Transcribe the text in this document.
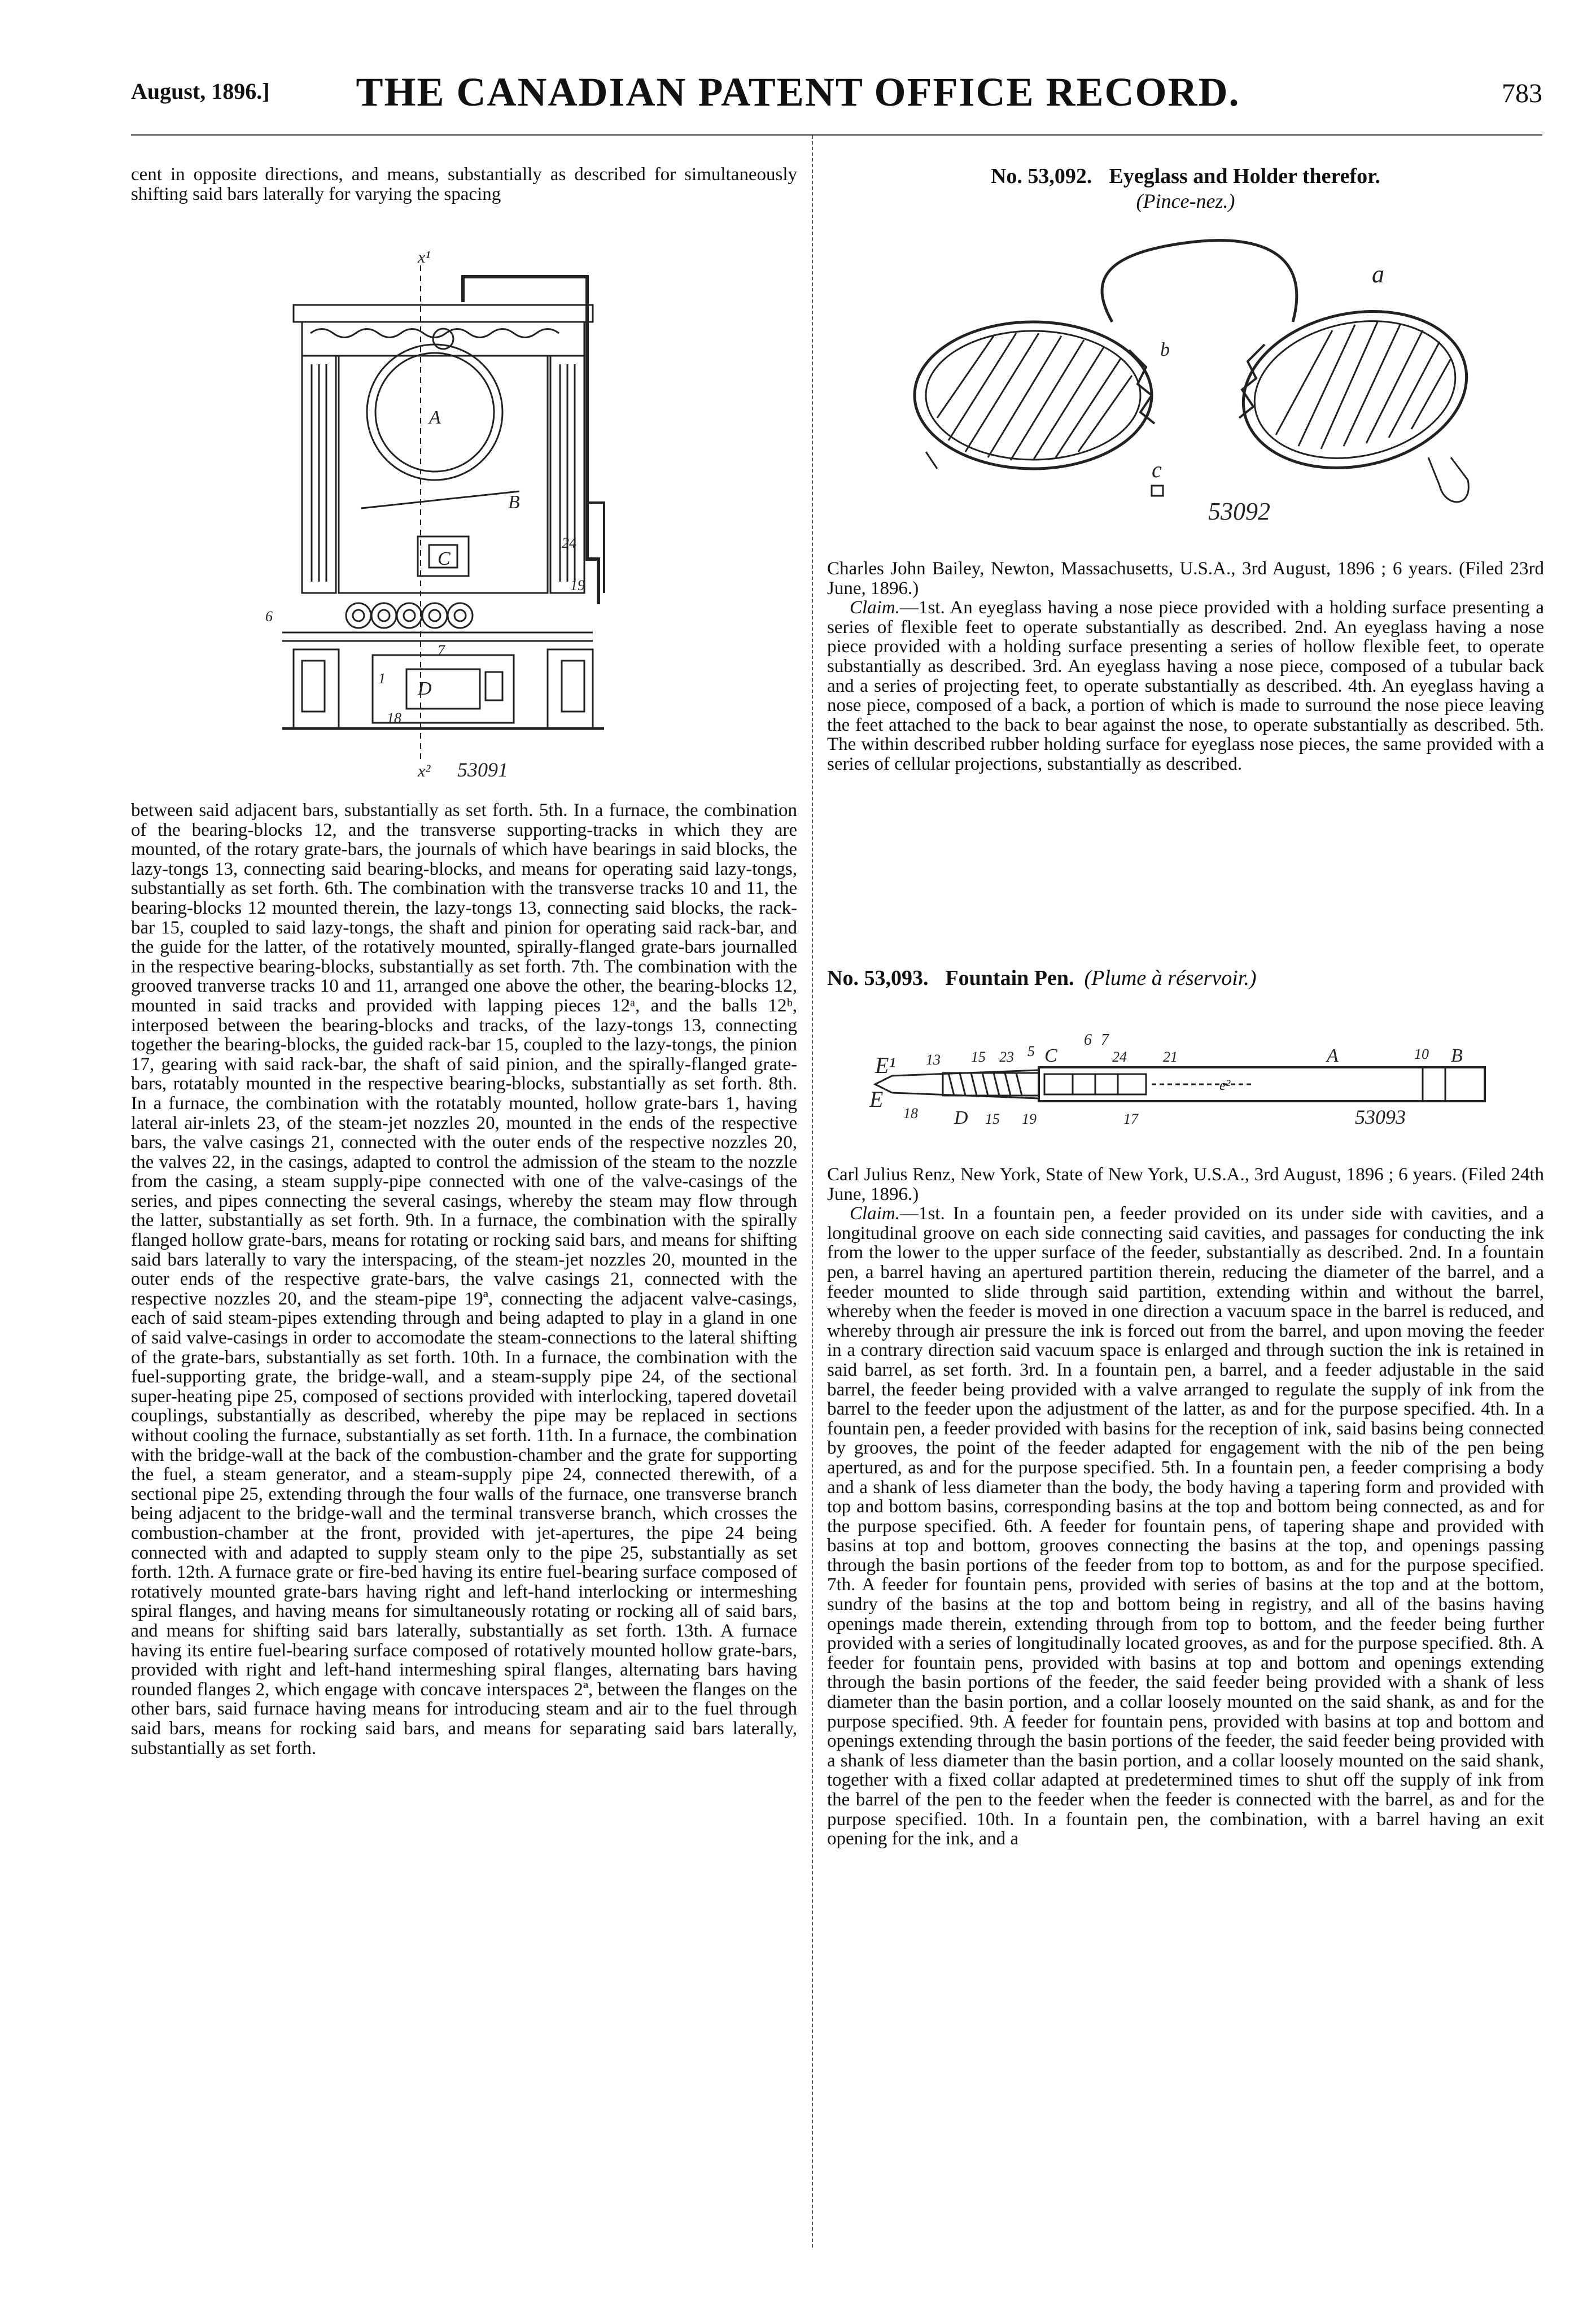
August, 1896.]	THE CANADIAN PATENT OFFICE RECORD.	783

cent in opposite directions, and means, substantially as described for simultaneously shifting said bars laterally for varying the spacing

x¹
x²
A
B
C
D
24
19
6
7
1
18
53091

between said adjacent bars, substantially as set forth. 5th. In a furnace, the combination of the bearing-blocks 12, and the transverse supporting-tracks in which they are mounted, of the rotary grate-bars, the journals of which have bearings in said blocks, the lazy-tongs 13, connecting said bearing-blocks, and means for operating said lazy-tongs, substantially as set forth. 6th. The combination with the transverse tracks 10 and 11, the bearing-blocks 12 mounted therein, the lazy-tongs 13, connecting said blocks, the rack-bar 15, coupled to said lazy-tongs, the shaft and pinion for operating said rack-bar, and the guide for the latter, of the rotatively mounted, spirally-flanged grate-bars journalled in the respective bearing-blocks, substantially as set forth. 7th. The combination with the grooved tranverse tracks 10 and 11, arranged one above the other, the bearing-blocks 12, mounted in said tracks and provided with lapping pieces 12ᵃ, and the balls 12ᵇ, interposed between the bearing-blocks and tracks, of the lazy-tongs 13, connecting together the bearing-blocks, the guided rack-bar 15, coupled to the lazy-tongs, the pinion 17, gearing with said rack-bar, the shaft of said pinion, and the spirally-flanged grate-bars, rotatably mounted in the respective bearing-blocks, substantially as set forth. 8th. In a furnace, the combination with the rotatably mounted, hollow grate-bars 1, having lateral air-inlets 23, of the steam-jet nozzles 20, mounted in the ends of the respective bars, the valve casings 21, connected with the outer ends of the respective nozzles 20, the valves 22, in the casings, adapted to control the admission of the steam to the nozzle from the casing, a steam supply-pipe connected with one of the valve-casings of the series, and pipes connecting the several casings, whereby the steam may flow through the latter, substantially as set forth. 9th. In a furnace, the combination with the spirally flanged hollow grate-bars, means for rotating or rocking said bars, and means for shifting said bars laterally to vary the interspacing, of the steam-jet nozzles 20, mounted in the outer ends of the respective grate-bars, the valve casings 21, connected with the respective nozzles 20, and the steam-pipe 19ª, connecting the adjacent valve-casings, each of said steam-pipes extending through and being adapted to play in a gland in one of said valve-casings in order to accomodate the steam-connections to the lateral shifting of the grate-bars, substantially as set forth. 10th. In a furnace, the combination with the fuel-supporting grate, the bridge-wall, and a steam-supply pipe 24, of the sectional super-heating pipe 25, composed of sections provided with interlocking, tapered dovetail couplings, substantially as described, whereby the pipe may be replaced in sections without cooling the furnace, substantially as set forth. 11th. In a furnace, the combination with the bridge-wall at the back of the combustion-chamber and the grate for supporting the fuel, a steam generator, and a steam-supply pipe 24, connected therewith, of a sectional pipe 25, extending through the four walls of the furnace, one transverse branch being adjacent to the bridge-wall and the terminal transverse branch, which crosses the combustion-chamber at the front, provided with jet-apertures, the pipe 24 being connected with and adapted to supply steam only to the pipe 25, substantially as set forth. 12th. A furnace grate or fire-bed having its entire fuel-bearing surface composed of rotatively mounted grate-bars having right and left-hand interlocking or intermeshing spiral flanges, and having means for simultaneously rotating or rocking all of said bars, and means for shifting said bars laterally, substantially as set forth. 13th. A furnace having its entire fuel-bearing surface composed of rotatively mounted hollow grate-bars, provided with right and left-hand intermeshing spiral flanges, alternating bars having rounded flanges 2, which engage with concave interspaces 2ª, between the flanges on the other bars, said furnace having means for introducing steam and air to the fuel through said bars, means for rocking said bars, and means for separating said bars laterally, substantially as set forth.

No. 53,092. Eyeglass and Holder therefor.
(Pince-nez.)
a
b
c
53092

Charles John Bailey, Newton, Massachusetts, U.S.A., 3rd August, 1896 ; 6 years. (Filed 23rd June, 1896.)

Claim.—1st. An eyeglass having a nose piece provided with a holding surface presenting a series of flexible feet to operate substantially as described. 2nd. An eyeglass having a nose piece provided with a holding surface presenting a series of hollow flexible feet, to operate substantially as described. 3rd. An eyeglass having a nose piece, composed of a tubular back and a series of projecting feet, to operate substantially as described. 4th. An eyeglass having a nose piece, composed of a back, a portion of which is made to surround the nose piece leaving the feet attached to the back to bear against the nose, to operate substantially as described. 5th. The within described rubber holding surface for eyeglass nose pieces, the same provided with a series of cellular projections, substantially as described.

No. 53,093. Fountain Pen. (Plume à réservoir.)
E¹
E
13 15 23 5 C
6 7
24 21	A	10 B
18 D 15 19	17
e²
53093

Carl Julius Renz, New York, State of New York, U.S.A., 3rd August, 1896 ; 6 years. (Filed 24th June, 1896.)

Claim.—1st. In a fountain pen, a feeder provided on its under side with cavities, and a longitudinal groove on each side connecting said cavities, and passages for conducting the ink from the lower to the upper surface of the feeder, substantially as described. 2nd. In a fountain pen, a barrel having an apertured partition therein, reducing the diameter of the barrel, and a feeder mounted to slide through said partition, extending within and without the barrel, whereby when the feeder is moved in one direction a vacuum space in the barrel is reduced, and whereby through air pressure the ink is forced out from the barrel, and upon moving the feeder in a contrary direction said vacuum space is enlarged and through suction the ink is retained in said barrel, as set forth. 3rd. In a fountain pen, a barrel, and a feeder adjustable in the said barrel, the feeder being provided with a valve arranged to regulate the supply of ink from the barrel to the feeder upon the adjustment of the latter, as and for the purpose specified. 4th. In a fountain pen, a feeder provided with basins for the reception of ink, said basins being connected by grooves, the point of the feeder adapted for engagement with the nib of the pen being apertured, as and for the purpose specified. 5th. In a fountain pen, a feeder comprising a body and a shank of less diameter than the body, the body having a tapering form and provided with top and bottom basins, corresponding basins at the top and bottom being connected, as and for the purpose specified. 6th. A feeder for fountain pens, of tapering shape and provided with basins at top and bottom, grooves connecting the basins at the top, and openings passing through the basin portions of the feeder from top to bottom, as and for the purpose specified. 7th. A feeder for fountain pens, provided with series of basins at the top and at the bottom, sundry of the basins at the top and bottom being in registry, and all of the basins having openings made therein, extending through from top to bottom, and the feeder being further provided with a series of longitudinally located grooves, as and for the purpose specified. 8th. A feeder for fountain pens, provided with basins at top and bottom and openings extending through the basin portions of the feeder, the said feeder being provided with a shank of less diameter than the basin portion, and a collar loosely mounted on the said shank, as and for the purpose specified. 9th. A feeder for fountain pens, provided with basins at top and bottom and openings extending through the basin portions of the feeder, the said feeder being provided with a shank of less diameter than the basin portion, and a collar loosely mounted on the said shank, together with a fixed collar adapted at predetermined times to shut off the supply of ink from the barrel of the pen to the feeder when the feeder is connected with the barrel, as and for the purpose specified. 10th. In a fountain pen, the combination, with a barrel having an exit opening for the ink, and a
